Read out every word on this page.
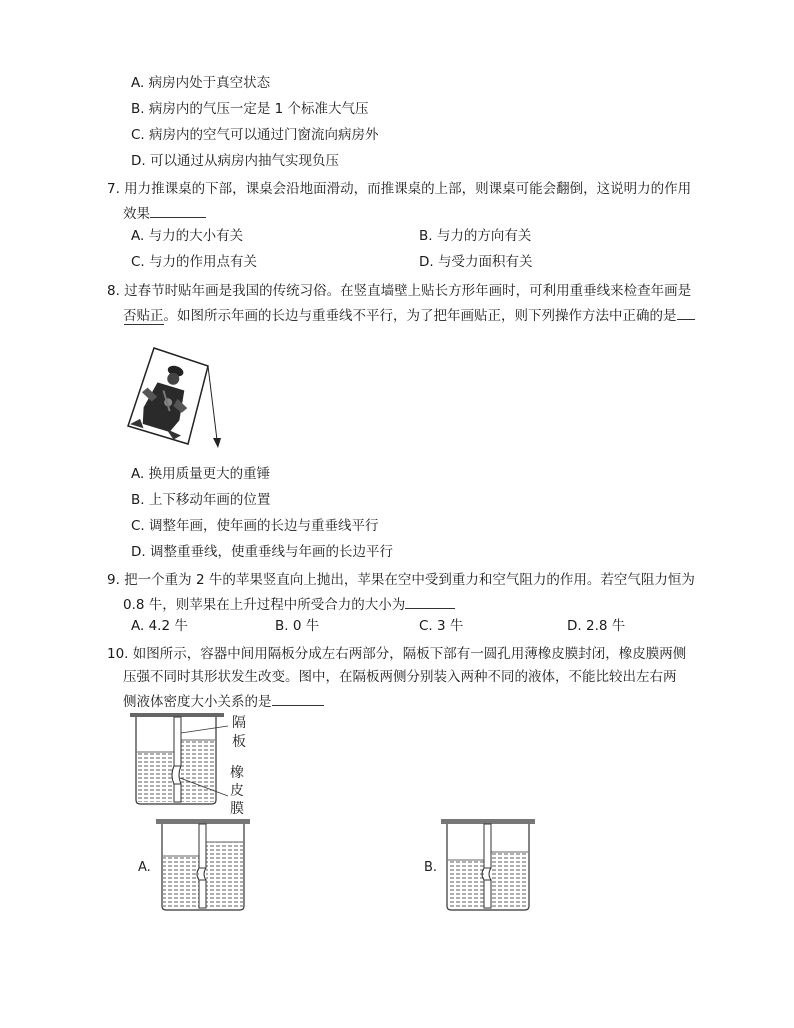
A. 病房内处于真空状态
B. 病房内的气压一定是 1 个标准大气压
C. 病房内的空气可以通过门窗流向病房外
D. 可以通过从病房内抽气实现负压
7. 用力推课桌的下部，课桌会沿地面滑动，而推课桌的上部，则课桌可能会翻倒，这说明力的作用
效果
A. 与力的大小有关	B. 与力的方向有关
C. 与力的作用点有关	D. 与受力面积有关
8. 过春节时贴年画是我国的传统习俗。在竖直墙壁上贴长方形年画时，可利用重垂线来检查年画是
否贴正。如图所示年画的长边与重垂线不平行，为了把年画贴正，则下列操作方法中正确的是
A. 换用质量更大的重锤
B. 上下移动年画的位置
C. 调整年画，使年画的长边与重垂线平行
D. 调整重垂线，使重垂线与年画的长边平行
9. 把一个重为 2 牛的苹果竖直向上抛出，苹果在空中受到重力和空气阻力的作用。若空气阻力恒为
0.8 牛，则苹果在上升过程中所受合力的大小为
A. 4.2 牛	B. 0 牛	C. 3 牛	D. 2.8 牛
10. 如图所示，容器中间用隔板分成左右两部分，隔板下部有一圆孔用薄橡皮膜封闭，橡皮膜两侧
压强不同时其形状发生改变。图中，在隔板两侧分别装入两种不同的液体，不能比较出左右两
侧液体密度大小关系的是
隔
板
橡
皮
膜
A.	B.
